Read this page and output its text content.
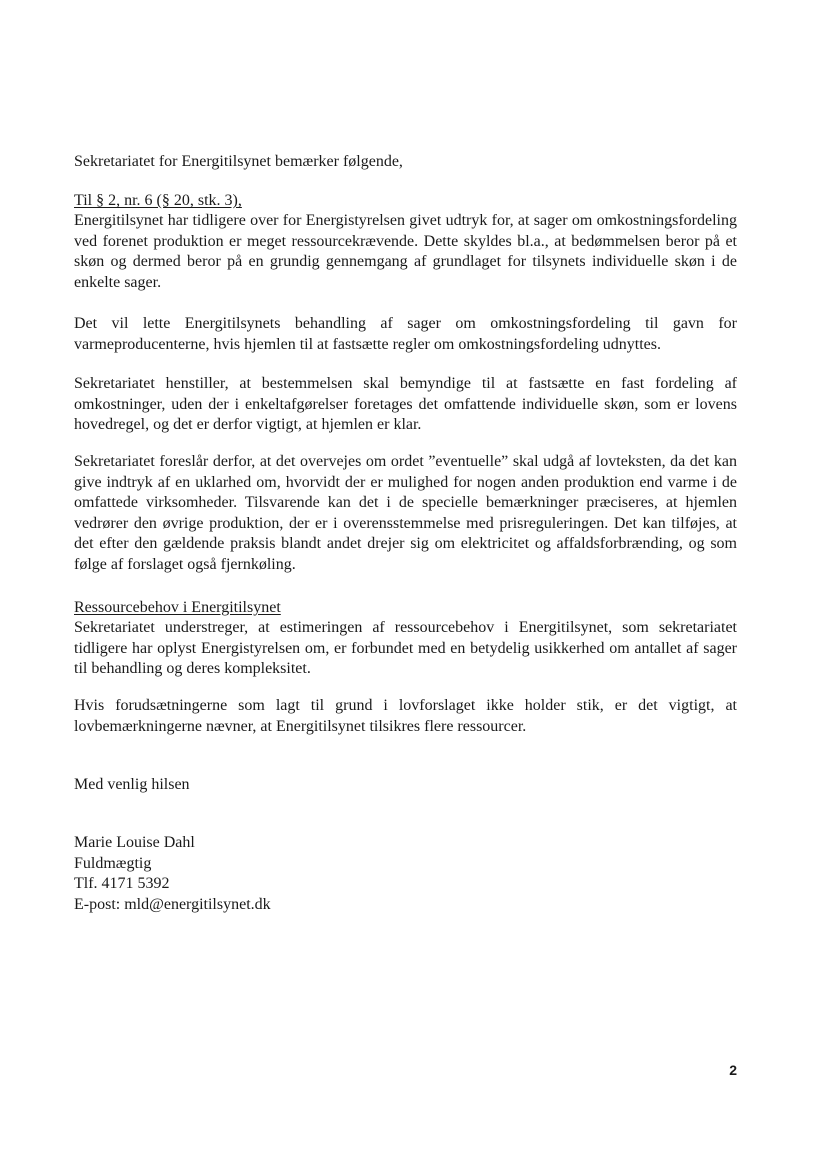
Sekretariatet for Energitilsynet bemærker følgende,

Til § 2, nr. 6 (§ 20, stk. 3),

Energitilsynet har tidligere over for Energistyrelsen givet udtryk for, at sager om omkostningsfordeling ved forenet produktion er meget ressourcekrævende. Dette skyldes bl.a., at bedømmelsen beror på et skøn og dermed beror på en grundig gennemgang af grundlaget for tilsynets individuelle skøn i de enkelte sager.

Det vil lette Energitilsynets behandling af sager om omkostningsfordeling til gavn for varmeproducenterne, hvis hjemlen til at fastsætte regler om omkostningsfordeling udnyttes.

Sekretariatet henstiller, at bestemmelsen skal bemyndige til at fastsætte en fast fordeling af omkostninger, uden der i enkeltafgørelser foretages det omfattende individuelle skøn, som er lovens hovedregel, og det er derfor vigtigt, at hjemlen er klar.

Sekretariatet foreslår derfor, at det overvejes om ordet ”eventuelle” skal udgå af lovteksten, da det kan give indtryk af en uklarhed om, hvorvidt der er mulighed for nogen anden produktion end varme i de omfattede virksomheder. Tilsvarende kan det i de specielle bemærkninger præciseres, at hjemlen vedrører den øvrige produktion, der er i overensstemmelse med prisreguleringen. Det kan tilføjes, at det efter den gældende praksis blandt andet drejer sig om elektricitet og affaldsforbrænding, og som følge af forslaget også fjernkøling.

Ressourcebehov i Energitilsynet

Sekretariatet understreger, at estimeringen af ressourcebehov i Energitilsynet, som sekretariatet tidligere har oplyst Energistyrelsen om, er forbundet med en betydelig usikkerhed om antallet af sager til behandling og deres kompleksitet.

Hvis forudsætningerne som lagt til grund i lovforslaget ikke holder stik, er det vigtigt, at lovbemærkningerne nævner, at Energitilsynet tilsikres flere ressourcer.

Med venlig hilsen

Marie Louise Dahl
Fuldmægtig
Tlf. 4171 5392
E-post: mld@energitilsynet.dk
2
